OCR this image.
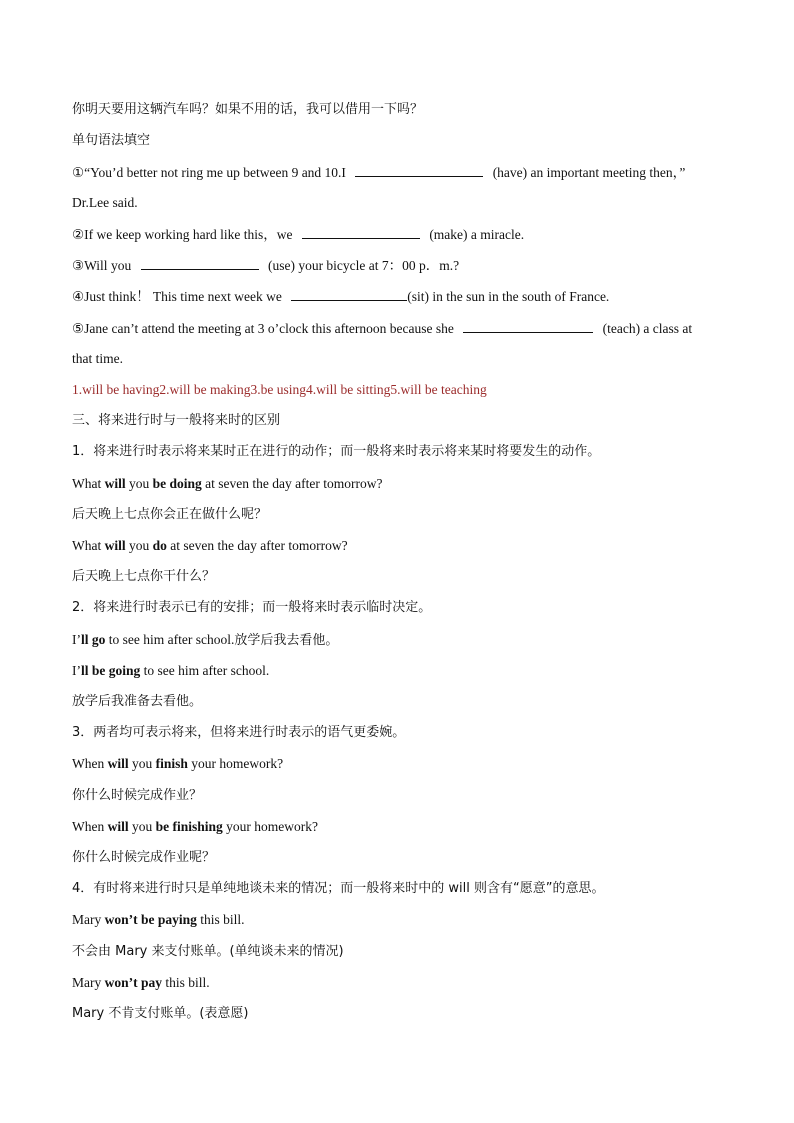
你明天要用这辆汽车吗？如果不用的话，我可以借用一下吗？
单句语法填空
①“You’d better not ring me up between 9 and 10.I	(have) an important meeting then，”
Dr.Lee said.
②If we keep working hard like this，we	(make) a miracle.
③Will you	(use) your bicycle at 7：00 p．m.?
④Just think！ This time next week we	(sit) in the sun in the south of France.
⑤Jane can’t attend the meeting at 3 o’clock this afternoon because she	(teach) a class at
that time.
1.will be having2.will be making3.be using4.will be sitting5.will be teaching
三、将来进行时与一般将来时的区别
1．将来进行时表示将来某时正在进行的动作；而一般将来时表示将来某时将要发生的动作。
What will you be doing at seven the day after tomorrow?
后天晚上七点你会正在做什么呢？
What will you do at seven the day after tomorrow?
后天晚上七点你干什么？
2．将来进行时表示已有的安排；而一般将来时表示临时决定。
I’ll go to see him after school.放学后我去看他。
I’ll be going to see him after school.
放学后我准备去看他。
3．两者均可表示将来，但将来进行时表示的语气更委婉。
When will you finish your homework?
你什么时候完成作业？
When will you be finishing your homework?
你什么时候完成作业呢？
4．有时将来进行时只是单纯地谈未来的情况；而一般将来时中的 will 则含有“愿意”的意思。
Mary won’t be paying this bill.
不会由 Mary 来支付账单。(单纯谈未来的情况)
Mary won’t pay this bill.
Mary 不肯支付账单。(表意愿)
